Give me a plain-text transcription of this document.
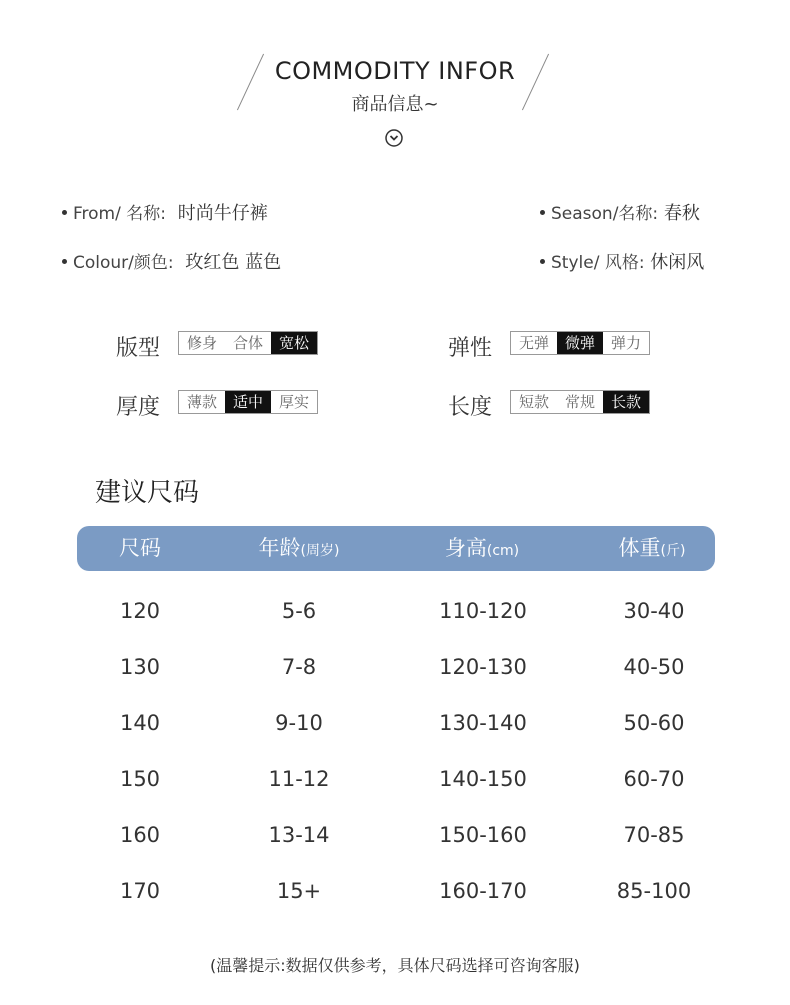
COMMODITY INFOR
商品信息~
From/ 名称: 时尚牛仔裤	Season/名称: 春秋
Colour/颜色: 玫红色 蓝色	Style/ 风格: 休闲风
版型	修身	合体	宽松	弹性	无弹	微弹	弹力
厚度	薄款	适中	厚实	长度	短款	常规	长款
建议尺码
尺码	年龄(周岁)	身高(cm)	体重(斤)
120	5-6	110-120	30-40
130	7-8	120-130	40-50
140	9-10	130-140	50-60
150	11-12	140-150	60-70
160	13-14	150-160	70-85
170	15+	160-170	85-100
(温馨提示:数据仅供参考，具体尺码选择可咨询客服)
